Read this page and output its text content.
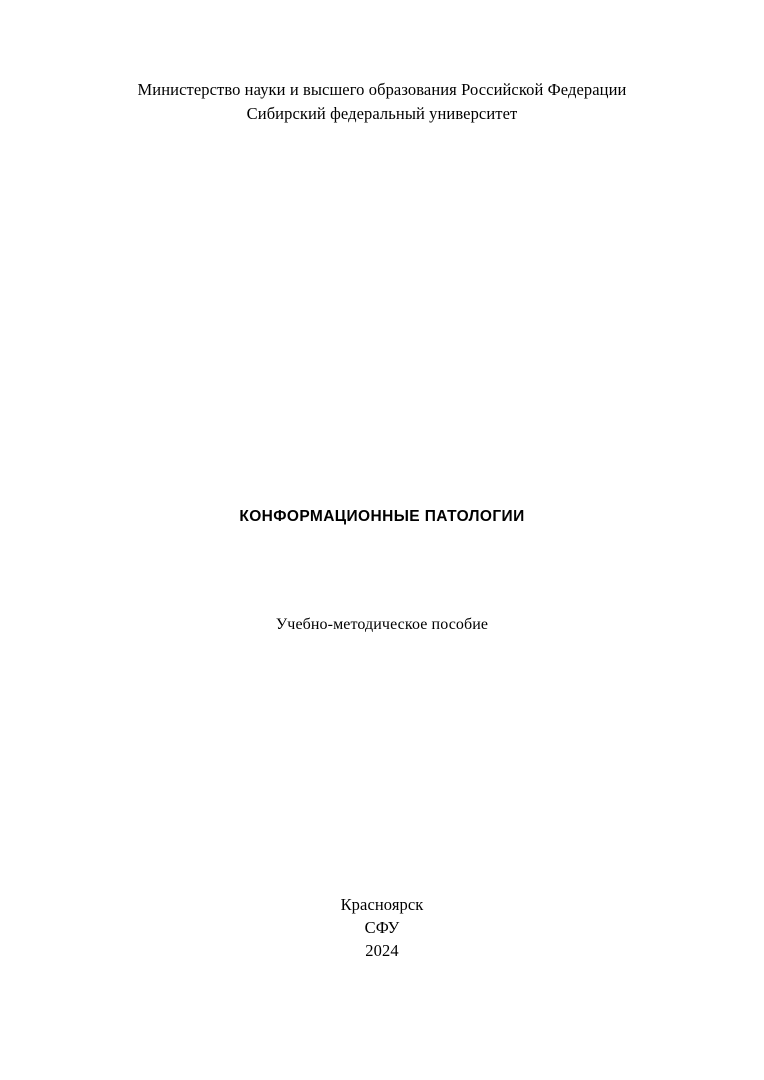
Министерство науки и высшего образования Российской Федерации
Сибирский федеральный университет
КОНФОРМАЦИОННЫЕ ПАТОЛОГИИ
Учебно-методическое пособие
Красноярск
СФУ
2024
